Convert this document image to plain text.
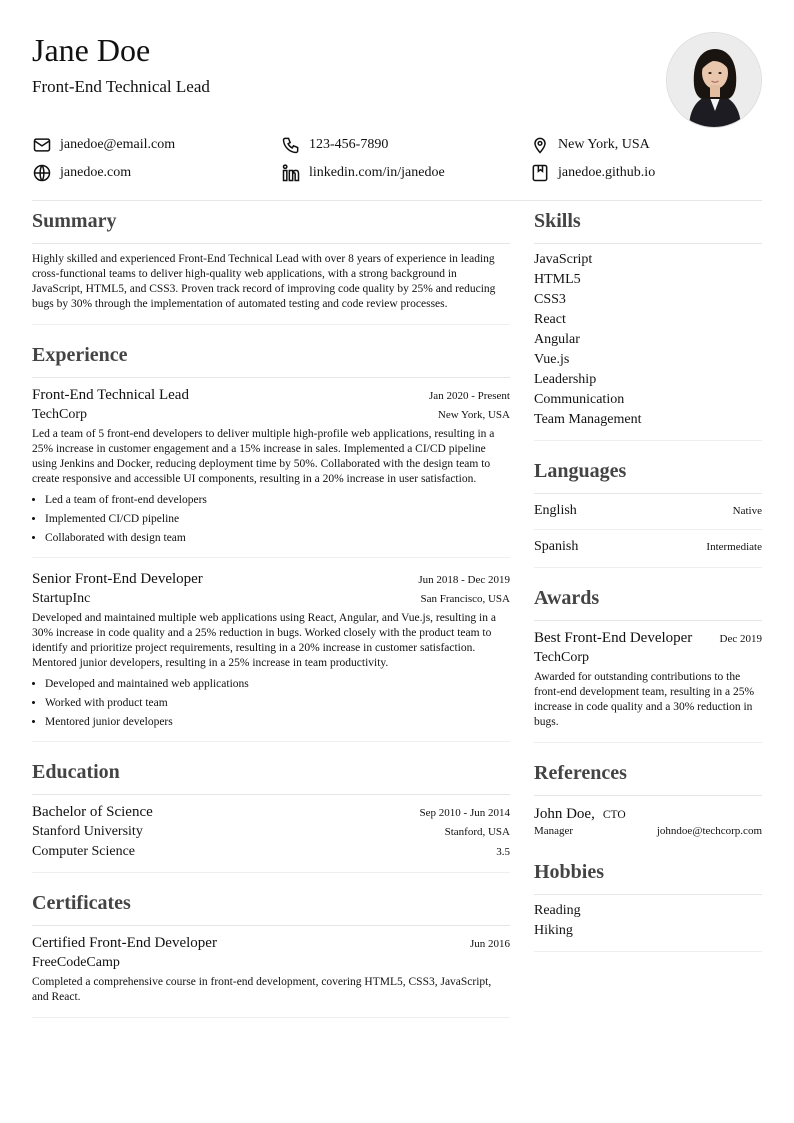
Jane Doe
Front-End Technical Lead
janedoe@email.com	123-456-7890	New York, USA
janedoe.com	linkedin.com/in/janedoe	janedoe.github.io
Summary

Highly skilled and experienced Front-End Technical Lead with over 8 years of experience in leading cross-functional teams to deliver high-quality web applications, with a strong background in JavaScript, HTML5, and CSS3. Proven track record of improving code quality by 25% and reducing bugs by 30% through the implementation of automated testing and code review processes.

Experience
Front-End Technical Lead	Jan 2020 - Present
TechCorp	New York, USA

Led a team of 5 front-end developers to deliver multiple high-profile web applications, resulting in a 25% increase in customer engagement and a 15% increase in sales. Implemented a CI/CD pipeline using Jenkins and Docker, reducing deployment time by 50%. Collaborated with the design team to create responsive and accessible UI components, resulting in a 20% increase in user satisfaction.

• Led a team of front-end developers
• Implemented CI/CD pipeline
• Collaborated with design team
Senior Front-End Developer	Jun 2018 - Dec 2019
StartupInc	San Francisco, USA

Developed and maintained multiple web applications using React, Angular, and Vue.js, resulting in a 30% increase in code quality and a 25% reduction in bugs. Worked closely with the product team to identify and prioritize project requirements, resulting in a 20% increase in customer satisfaction. Mentored junior developers, resulting in a 25% increase in team productivity.

• Developed and maintained web applications
• Worked with product team
• Mentored junior developers
Education
Bachelor of Science	Sep 2010 - Jun 2014
Stanford University	Stanford, USA
Computer Science	3.5
Certificates
Certified Front-End Developer	Jun 2016
FreeCodeCamp

Completed a comprehensive course in front-end development, covering HTML5, CSS3, JavaScript, and React.

Skills
JavaScript
HTML5
CSS3
React
Angular
Vue.js
Leadership
Communication
Team Management
Languages
English	Native
Spanish	Intermediate
Awards
Best Front-End Developer Dec 2019
TechCorp

Awarded for outstanding contributions to the front-end development team, resulting in a 25% increase in code quality and a 30% reduction in bugs.

References
John Doe, CTO
Manager	johndoe@techcorp.com
Hobbies
Reading
Hiking
